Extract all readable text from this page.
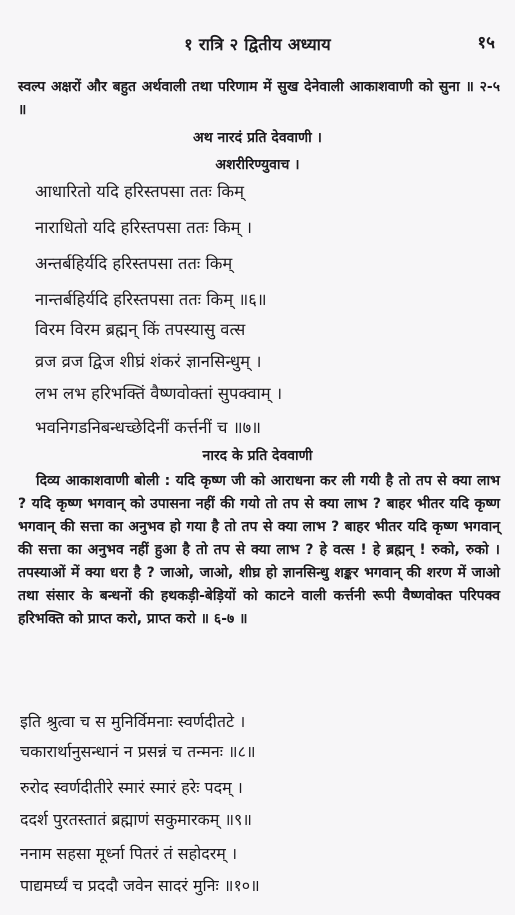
१ रात्रि २ द्वितीय अध्याय	१५

स्वल्प अक्षरों और बहुत अर्थवाली तथा परिणाम में सुख देनेवाली आकाशवाणी को सुना ॥ २-५ ॥

अथ नारदं प्रति देववाणी ।
अशरीरिण्युवाच ।
आधारितो यदि हरिस्तपसा ततः किम्
नाराधितो यदि हरिस्तपसा ततः किम् ।
अन्तर्बहिर्यदि हरिस्तपसा ततः किम्
नान्तर्बहिर्यदि हरिस्तपसा ततः किम् ॥६॥
विरम विरम ब्रह्मन् किं तपस्यासु वत्स
व्रज व्रज द्विज शीघ्रं शंकरं ज्ञानसिन्धुम् ।
लभ लभ हरिभक्तिं वैष्णवोक्तां सुपक्वाम् ।
भवनिगडनिबन्धच्छेदिनीं कर्त्तनीं च ॥७॥
नारद के प्रति देववाणी

दिव्य आकाशवाणी बोली : यदि कृष्ण जी को आराधना कर ली गयी है तो तप से क्या लाभ ? यदि कृष्ण भगवान् को उपासना नहीं की गयो तो तप से क्या लाभ ? बाहर भीतर यदि कृष्ण भगवान् की सत्ता का अनुभव हो गया है तो तप से क्या लाभ ? बाहर भीतर यदि कृष्ण भगवान् की सत्ता का अनुभव नहीं हुआ है तो तप से क्या लाभ ? हे वत्स ! हे ब्रह्मन् ! रुको, रुको । तपस्याओं में क्या धरा है ? जाओ, जाओ, शीघ्र हो ज्ञानसिन्धु शङ्कर भगवान् की शरण में जाओ तथा संसार के बन्धनों की हथकड़ी-बेड़ियों को काटने वाली कर्त्तनी रूपी वैष्णवोक्त परिपक्व हरिभक्ति को प्राप्त करो, प्राप्त करो ॥ ६-७ ॥

इति श्रुत्वा च स मुनिर्विमनाः स्वर्णदीतटे ।
चकारार्थानुसन्धानं न प्रसन्नं च तन्मनः ॥८॥
रुरोद स्वर्णदीतीरे स्मारं स्मारं हरेः पदम् ।
ददर्श पुरतस्तातं ब्रह्माणं सकुमारकम् ॥९॥
ननाम सहसा मूर्ध्ना पितरं तं सहोदरम् ।
पाद्यमर्घ्यं च प्रददौ जवेन सादरं मुनिः ॥१०॥
